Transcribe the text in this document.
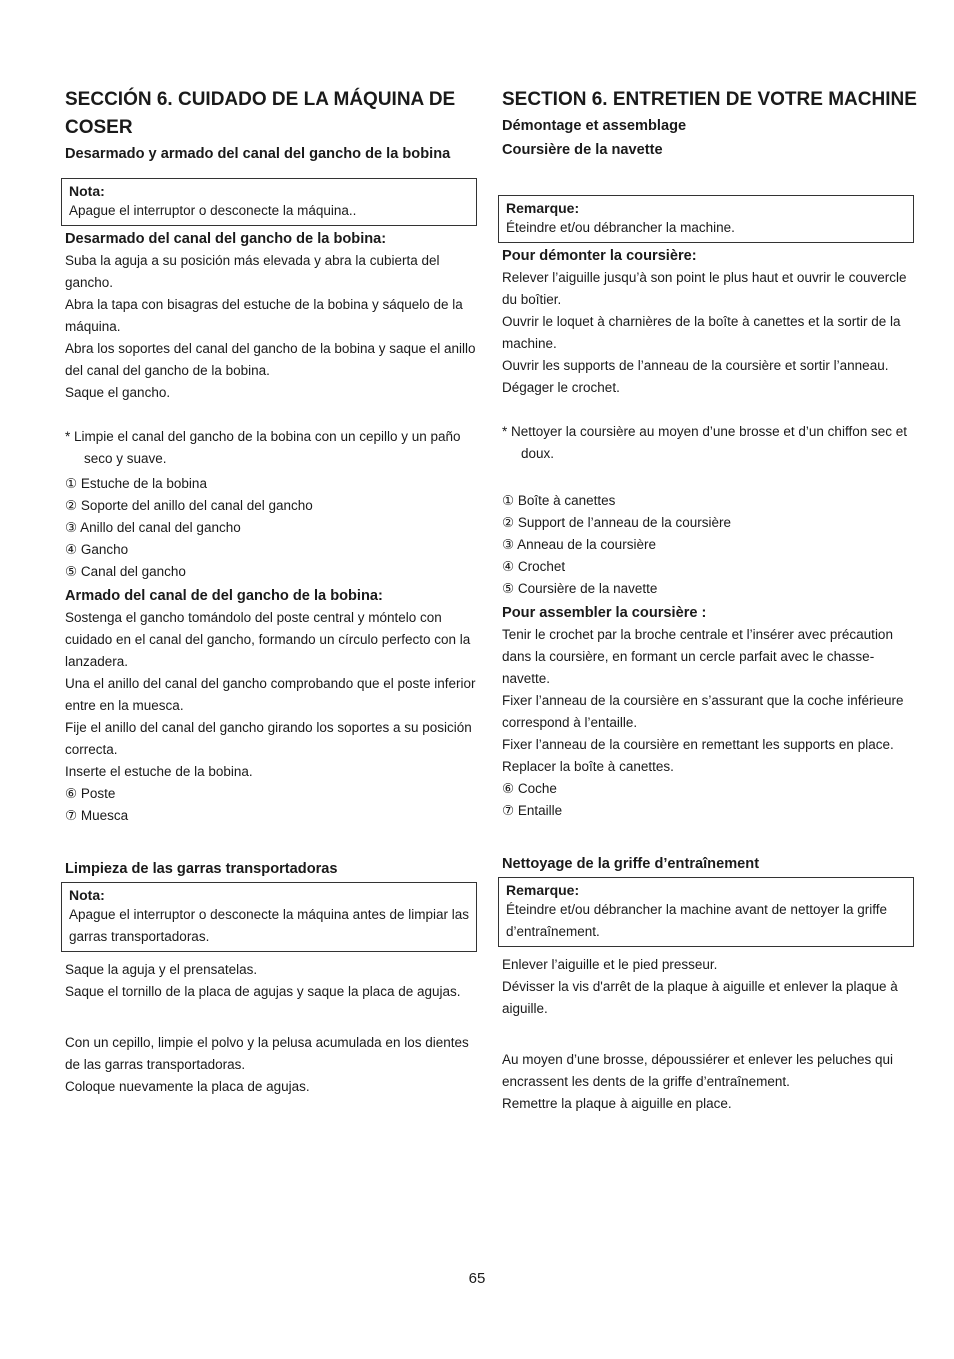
SECCIÓN 6. CUIDADO DE LA MÁQUINA DE COSER
Desarmado y armado del canal del gancho de la bobina
Nota:
Apague el interruptor o desconecte la máquina..
Desarmado del canal del gancho de la bobina:

Suba la aguja a su posición más elevada y abra la cubierta del gancho.

Abra la tapa con bisagras del estuche de la bobina y sáquelo de la máquina.

Abra los soportes del canal del gancho de la bobina y saque el anillo del canal del gancho de la bobina.

Saque el gancho.

* Limpie el canal del gancho de la bobina con un cepillo y un paño seco y suave.

① Estuche de la bobina

② Soporte del anillo del canal del gancho

③ Anillo del canal del gancho

④ Gancho

⑤ Canal del gancho

Armado del canal de del gancho de la bobina:

Sostenga el gancho tomándolo del poste central y móntelo con cuidado en el canal del gancho, formando un círculo perfecto con la lanzadera.

Una el anillo del canal del gancho comprobando que el poste inferior entre en la muesca.

Fije el anillo del canal del gancho girando los soportes a su posición correcta.

Inserte el estuche de la bobina.

⑥ Poste

⑦ Muesca

Limpieza de las garras transportadoras
Nota:
Apague el interruptor o desconecte la máquina antes de limpiar las garras transportadoras.

Saque la aguja y el prensatelas.

Saque el tornillo de la placa de agujas y saque la placa de agujas.

Con un cepillo, limpie el polvo y la pelusa acumulada en los dientes de las garras transportadoras.

Coloque nuevamente la placa de agujas.

SECTION 6. ENTRETIEN DE VOTRE MACHINE
Démontage et assemblage
Coursière de la navette
Remarque:
Éteindre et/ou débrancher la machine.
Pour démonter la coursière:

Relever l’aiguille jusqu’à son point le plus haut et ouvrir le couvercle du boîtier.

Ouvrir le loquet à charnières de la boîte à canettes et la sortir de la machine.

Ouvrir les supports de l’anneau de la coursière et sortir l’anneau. Dégager le crochet.

* Nettoyer la coursière au moyen d’une brosse et d’un chiffon sec et doux.

① Boîte à canettes

② Support de l’anneau de la coursière

③ Anneau de la coursière

④ Crochet

⑤ Coursière de la navette

Pour assembler la coursière :

Tenir le crochet par la broche centrale et l’insérer avec précaution dans la coursière, en formant un cercle parfait avec le chasse-navette.

Fixer l’anneau de la coursière en s’assurant que la coche inférieure correspond à l’entaille.

Fixer l’anneau de la coursière en remettant les supports en place.

Replacer la boîte à canettes.

⑥ Coche

⑦ Entaille

Nettoyage de la griffe d’entraînement
Remarque:
Éteindre et/ou débrancher la machine avant de nettoyer la griffe d’entraînement.

Enlever l’aiguille et le pied presseur.

Dévisser la vis d'arrêt de la plaque à aiguille et enlever la plaque à aiguille.

Au moyen d’une brosse, dépoussiérer et enlever les peluches qui encrassent les dents de la griffe d’entraînement.

Remettre la plaque à aiguille en place.

65
